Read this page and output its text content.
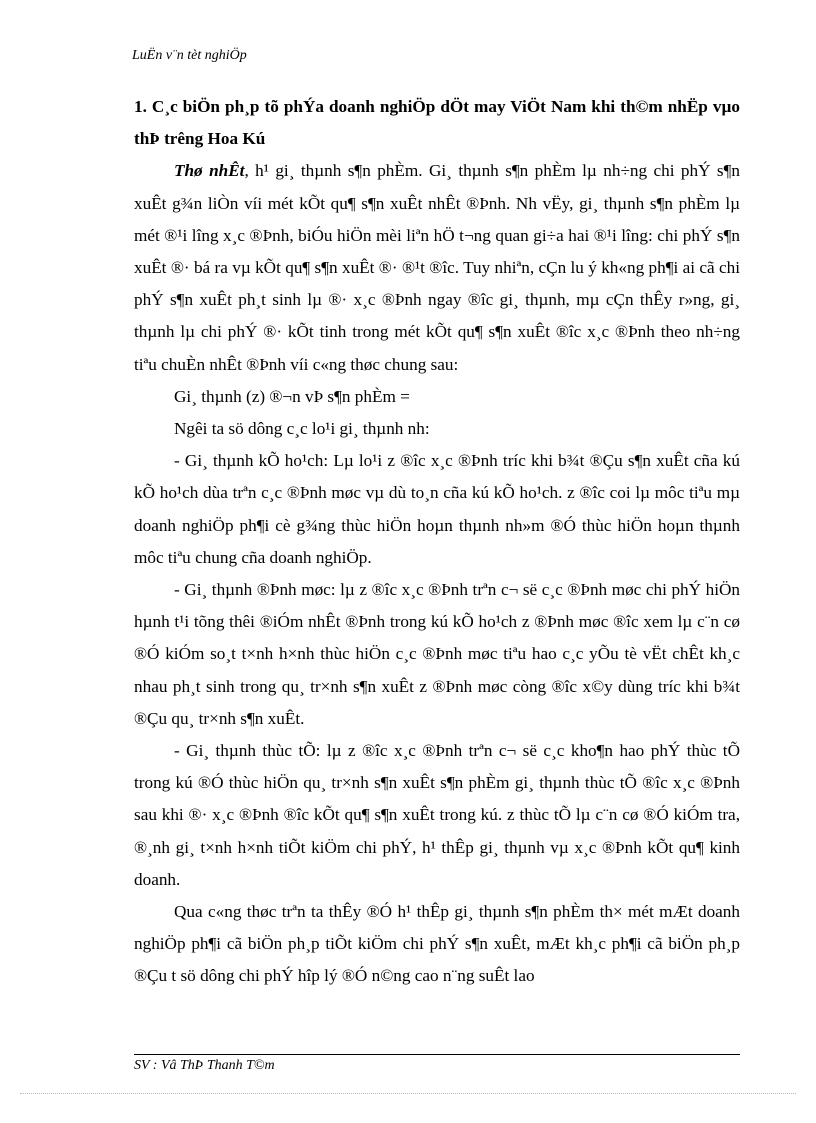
LuËn v¨n tèt nghiÖp

1. C¸c biÖn ph¸p tõ phÝa doanh nghiÖp dÖt may ViÖt Nam khi th©m nhËp vµo thÞ trêng Hoa Kú

Thø nhÊt, h¹ gi¸ thµnh s¶n phÈm. Gi¸ thµnh s¶n phÈm lµ nh÷ng chi phÝ s¶n xuÊt g¾n liÒn víi mét kÕt qu¶ s¶n xuÊt nhÊt ®Þnh. Nh vËy, gi¸ thµnh s¶n phÈm lµ mét ®¹i lîng x¸c ®Þnh, biÓu hiÖn mèi liªn hÖ t¬ng quan gi÷a hai ®¹i lîng: chi phÝ s¶n xuÊt ®· bá ra vµ kÕt qu¶ s¶n xuÊt ®· ®¹t ®îc. Tuy nhiªn, cÇn lu ý kh«ng ph¶i ai cã chi phÝ s¶n xuÊt ph¸t sinh lµ ®· x¸c ®Þnh ngay ®îc gi¸ thµnh, mµ cÇn thÊy r»ng, gi¸ thµnh lµ chi phÝ ®· kÕt tinh trong mét kÕt qu¶ s¶n xuÊt ®îc x¸c ®Þnh theo nh÷ng tiªu chuÈn nhÊt ®Þnh víi c«ng thøc chung sau:

Gi¸ thµnh (z) ®¬n vÞ s¶n phÈm =

Ngêi ta sö dông c¸c lo¹i gi¸ thµnh nh:

- Gi¸ thµnh kÕ ho¹ch: Lµ lo¹i z ®îc x¸c ®Þnh tríc khi b¾t ®Çu s¶n xuÊt cña kú kÕ ho¹ch dùa trªn c¸c ®Þnh møc vµ dù to¸n cña kú kÕ ho¹ch. z ®îc coi lµ môc tiªu mµ doanh nghiÖp ph¶i cè g¾ng thùc hiÖn hoµn thµnh nh»m ®Ó thùc hiÖn hoµn thµnh môc tiªu chung cña doanh nghiÖp.

- Gi¸ thµnh ®Þnh møc: lµ z ®îc x¸c ®Þnh trªn c¬ së c¸c ®Þnh møc chi phÝ hiÖn hµnh t¹i tõng thêi ®iÓm nhÊt ®Þnh trong kú kÕ ho¹ch z ®Þnh møc ®îc xem lµ c¨n cø ®Ó kiÓm so¸t t×nh h×nh thùc hiÖn c¸c ®Þnh møc tiªu hao c¸c yÕu tè vËt chÊt kh¸c nhau ph¸t sinh trong qu¸ tr×nh s¶n xuÊt z ®Þnh møc còng ®îc x©y dùng tríc khi b¾t ®Çu qu¸ tr×nh s¶n xuÊt.

- Gi¸ thµnh thùc tÕ: lµ z ®îc x¸c ®Þnh trªn c¬ së c¸c kho¶n hao phÝ thùc tÕ trong kú ®Ó thùc hiÖn qu¸ tr×nh s¶n xuÊt s¶n phÈm gi¸ thµnh thùc tÕ ®îc x¸c ®Þnh sau khi ®· x¸c ®Þnh ®îc kÕt qu¶ s¶n xuÊt trong kú. z thùc tÕ lµ c¨n cø ®Ó kiÓm tra, ®¸nh gi¸ t×nh h×nh tiÕt kiÖm chi phÝ, h¹ thÊp gi¸ thµnh vµ x¸c ®Þnh kÕt qu¶ kinh doanh.

Qua c«ng thøc trªn ta thÊy ®Ó h¹ thÊp gi¸ thµnh s¶n phÈm th× mét mÆt doanh nghiÖp ph¶i cã biÖn ph¸p tiÕt kiÖm chi phÝ s¶n xuÊt, mÆt kh¸c ph¶i cã biÖn ph¸p ®Çu t sö dông chi phÝ hîp lý ®Ó n©ng cao n¨ng suÊt lao

SV : Vâ ThÞ Thanh T©m
